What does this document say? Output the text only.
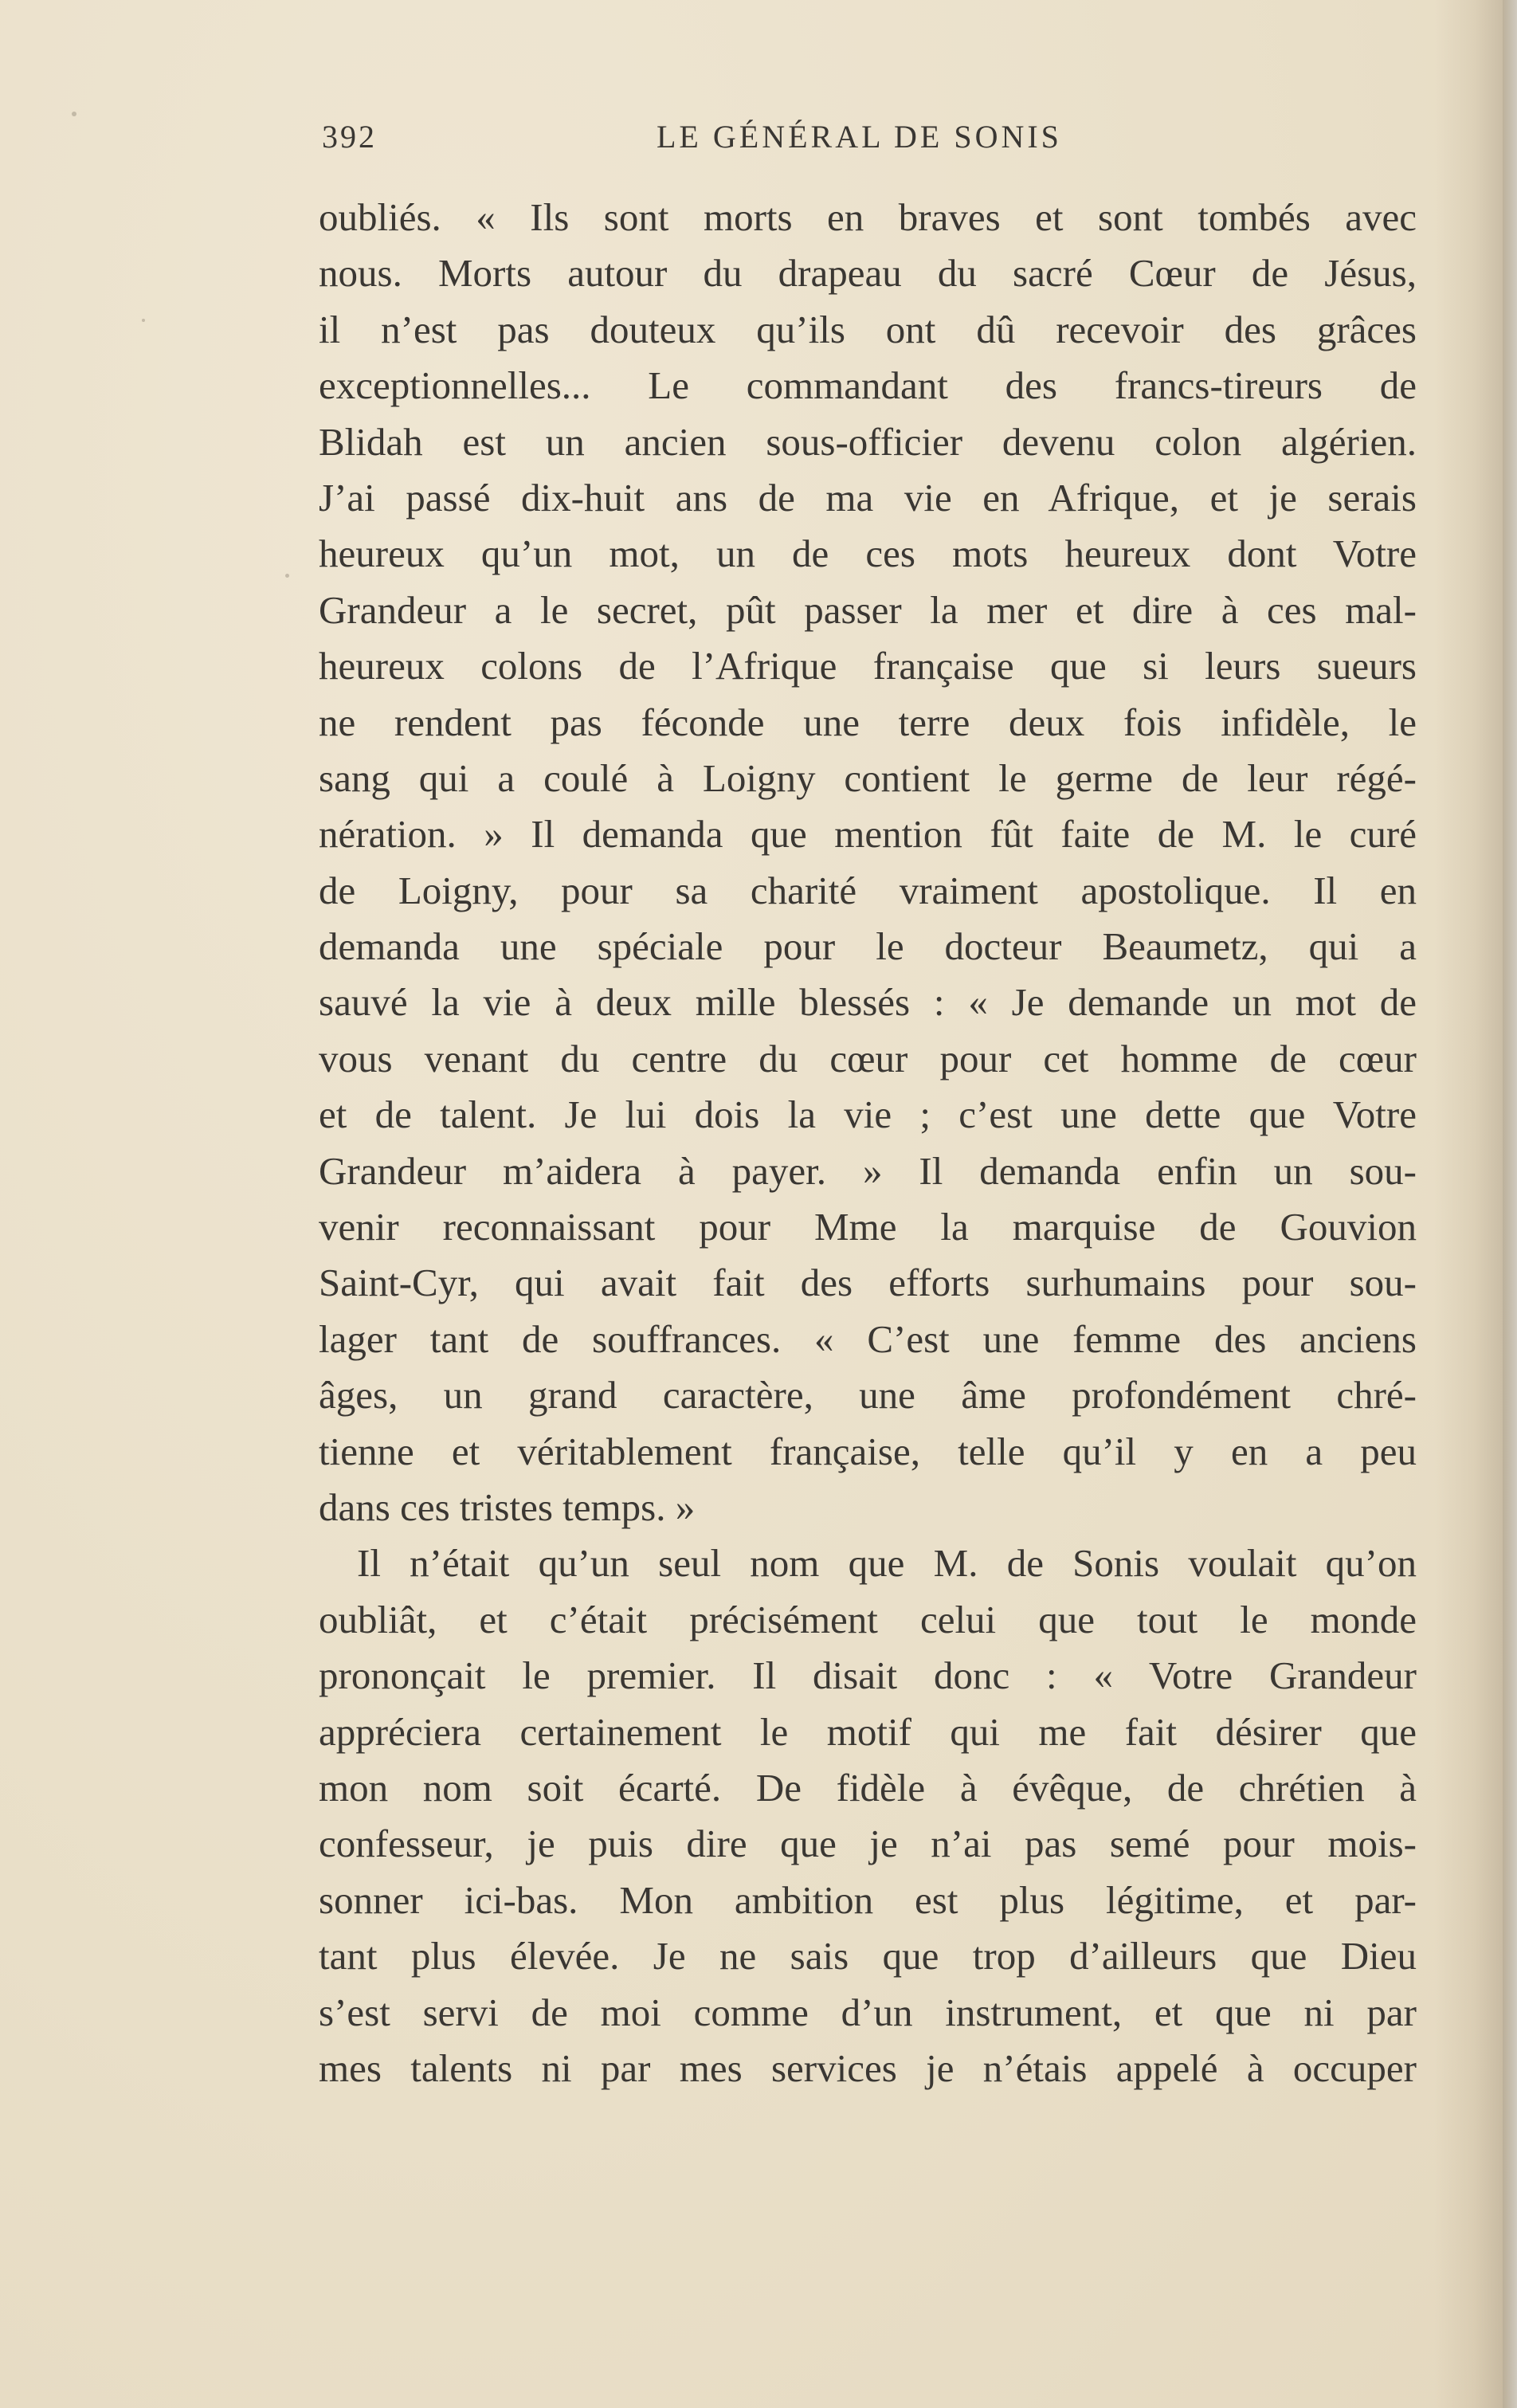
392	LE GÉNÉRAL DE SONIS
oubliés. « Ils sont morts en braves et sont tombés avec
nous. Morts autour du drapeau du sacré Cœur de Jésus,
il n’est pas douteux qu’ils ont dû recevoir des grâces
exceptionnelles... Le commandant des francs-tireurs de
Blidah est un ancien sous-officier devenu colon algérien.
J’ai passé dix-huit ans de ma vie en Afrique, et je serais
heureux qu’un mot, un de ces mots heureux dont Votre
Grandeur a le secret, pût passer la mer et dire à ces mal-
heureux colons de l’Afrique française que si leurs sueurs
ne rendent pas féconde une terre deux fois infidèle, le
sang qui a coulé à Loigny contient le germe de leur régé-
nération. » Il demanda que mention fût faite de M. le curé
de Loigny, pour sa charité vraiment apostolique. Il en
demanda une spéciale pour le docteur Beaumetz, qui a
sauvé la vie à deux mille blessés : « Je demande un mot de
vous venant du centre du cœur pour cet homme de cœur
et de talent. Je lui dois la vie ; c’est une dette que Votre
Grandeur m’aidera à payer. » Il demanda enfin un sou-
venir reconnaissant pour Mme la marquise de Gouvion
Saint-Cyr, qui avait fait des efforts surhumains pour sou-
lager tant de souffrances. « C’est une femme des anciens
âges, un grand caractère, une âme profondément chré-
tienne et véritablement française, telle qu’il y en a peu
dans ces tristes temps. »
Il n’était qu’un seul nom que M. de Sonis voulait qu’on
oubliât, et c’était précisément celui que tout le monde
prononçait le premier. Il disait donc : « Votre Grandeur
appréciera certainement le motif qui me fait désirer que
mon nom soit écarté. De fidèle à évêque, de chrétien à
confesseur, je puis dire que je n’ai pas semé pour mois-
sonner ici-bas. Mon ambition est plus légitime, et par-
tant plus élevée. Je ne sais que trop d’ailleurs que Dieu
s’est servi de moi comme d’un instrument, et que ni par
mes talents ni par mes services je n’étais appelé à occuper
